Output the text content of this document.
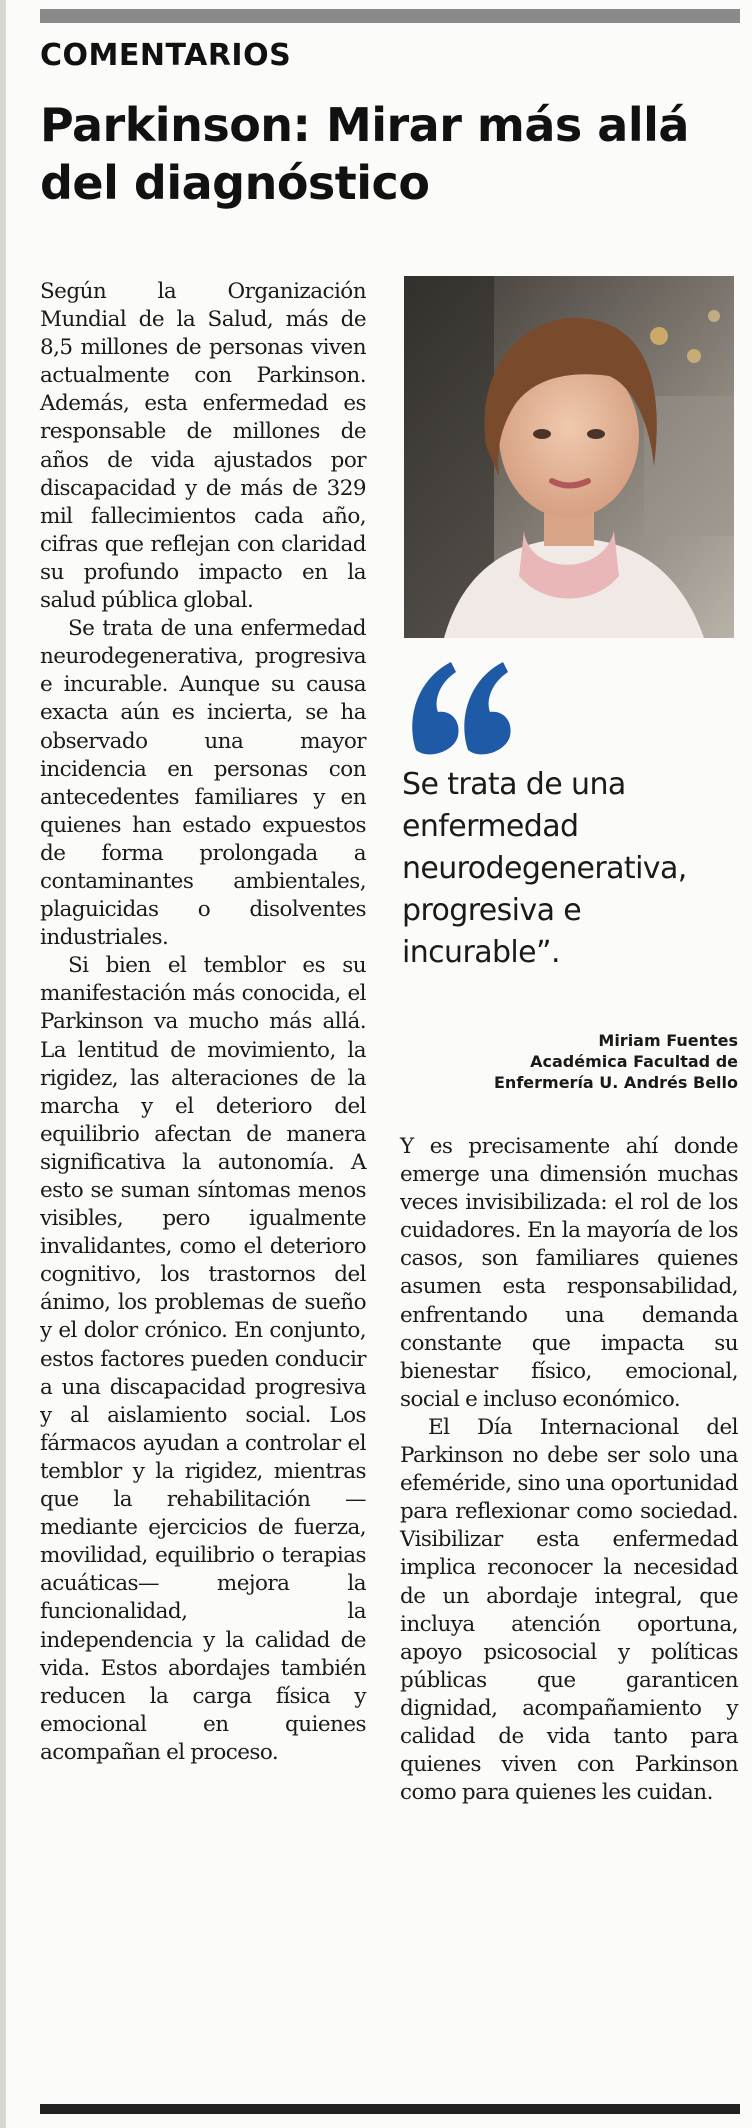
COMENTARIOS
Parkinson: Mirar más allá del diagnóstico

Según la Organización Mundial de la Salud, más de 8,5 millones de personas viven actualmente con Parkinson. Además, esta enfermedad es responsable de millones de años de vida ajustados por discapacidad y de más de 329 mil fallecimientos cada año, cifras que reflejan con claridad su profundo impacto en la salud pública global.

Se trata de una enfermedad neurodegenerativa, progresiva e incurable. Aunque su causa exacta aún es incierta, se ha observado una mayor incidencia en personas con antecedentes familiares y en quienes han estado expuestos de forma prolongada a contaminantes ambientales, plaguicidas o disolventes industriales.

Si bien el temblor es su manifestación más conocida, el Parkinson va mucho más allá. La lentitud de movimiento, la rigidez, las alteraciones de la marcha y el deterioro del equilibrio afectan de manera significativa la autonomía. A esto se suman síntomas menos visibles, pero igualmente invalidantes, como el deterioro cognitivo, los trastornos del ánimo, los problemas de sueño y el dolor crónico. En conjunto, estos factores pueden conducir a una discapacidad progresiva y al aislamiento social. Los fármacos ayudan a controlar el temblor y la rigidez, mientras que la rehabilitación —mediante ejercicios de fuerza, movilidad, equilibrio o terapias acuáticas— mejora la funcionalidad, la independencia y la calidad de vida. Estos abordajes también reducen la carga física y emocional en quienes acompañan el proceso.

Se trata de una enfermedad neurodegenerativa, progresiva e incurable”.
Miriam Fuentes
Académica Facultad de
Enfermería U. Andrés Bello

Y es precisamente ahí donde emerge una dimensión muchas veces invisibilizada: el rol de los cuidadores. En la mayoría de los casos, son familiares quienes asumen esta responsabilidad, enfrentando una demanda constante que impacta su bienestar físico, emocional, social e incluso económico.

El Día Internacional del Parkinson no debe ser solo una efeméride, sino una oportunidad para reflexionar como sociedad. Visibilizar esta enfermedad implica reconocer la necesidad de un abordaje integral, que incluya atención oportuna, apoyo psicosocial y políticas públicas que garanticen dignidad, acompañamiento y calidad de vida tanto para quienes viven con Parkinson como para quienes les cuidan.
